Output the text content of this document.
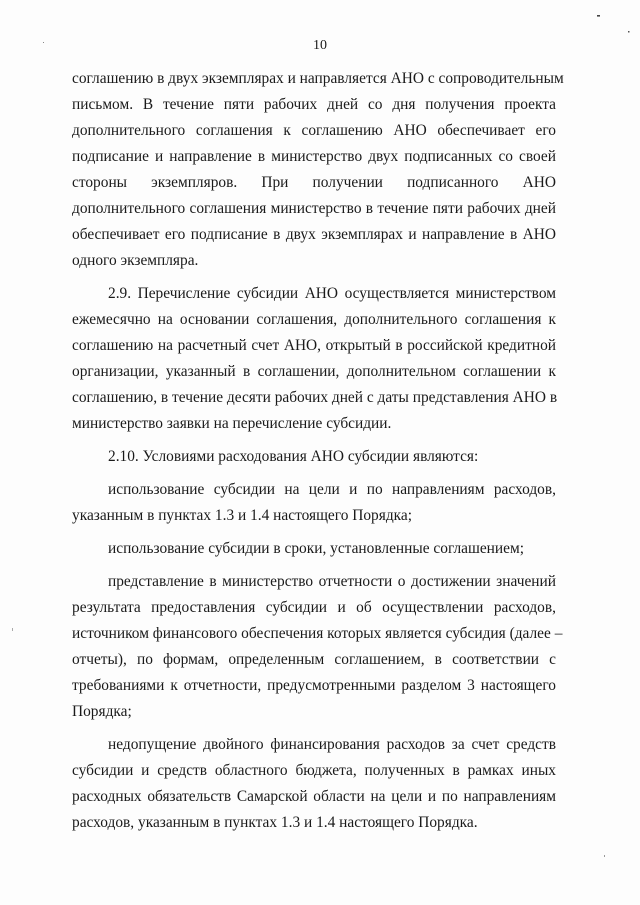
10
соглашению в двух экземплярах и направляется АНО с сопроводительным
письмом. В течение пяти рабочих дней со дня получения проекта
дополнительного соглашения к соглашению АНО обеспечивает его
подписание и направление в министерство двух подписанных со своей
стороны экземпляров. При получении подписанного АНО
дополнительного соглашения министерство в течение пяти рабочих дней
обеспечивает его подписание в двух экземплярах и направление в АНО
одного экземпляра.
2.9. Перечисление субсидии АНО осуществляется министерством
ежемесячно на основании соглашения, дополнительного соглашения к
соглашению на расчетный счет АНО, открытый в российской кредитной
организации, указанный в соглашении, дополнительном соглашении к
соглашению, в течение десяти рабочих дней с даты представления АНО в
министерство заявки на перечисление субсидии.
2.10. Условиями расходования АНО субсидии являются:
использование субсидии на цели и по направлениям расходов,
указанным в пунктах 1.3 и 1.4 настоящего Порядка;
использование субсидии в сроки, установленные соглашением;
представление в министерство отчетности о достижении значений
результата предоставления субсидии и об осуществлении расходов,
источником финансового обеспечения которых является субсидия (далее –
отчеты), по формам, определенным соглашением, в соответствии с
требованиями к отчетности, предусмотренными разделом 3 настоящего
Порядка;
недопущение двойного финансирования расходов за счет средств
субсидии и средств областного бюджета, полученных в рамках иных
расходных обязательств Самарской области на цели и по направлениям
расходов, указанным в пунктах 1.3 и 1.4 настоящего Порядка.
